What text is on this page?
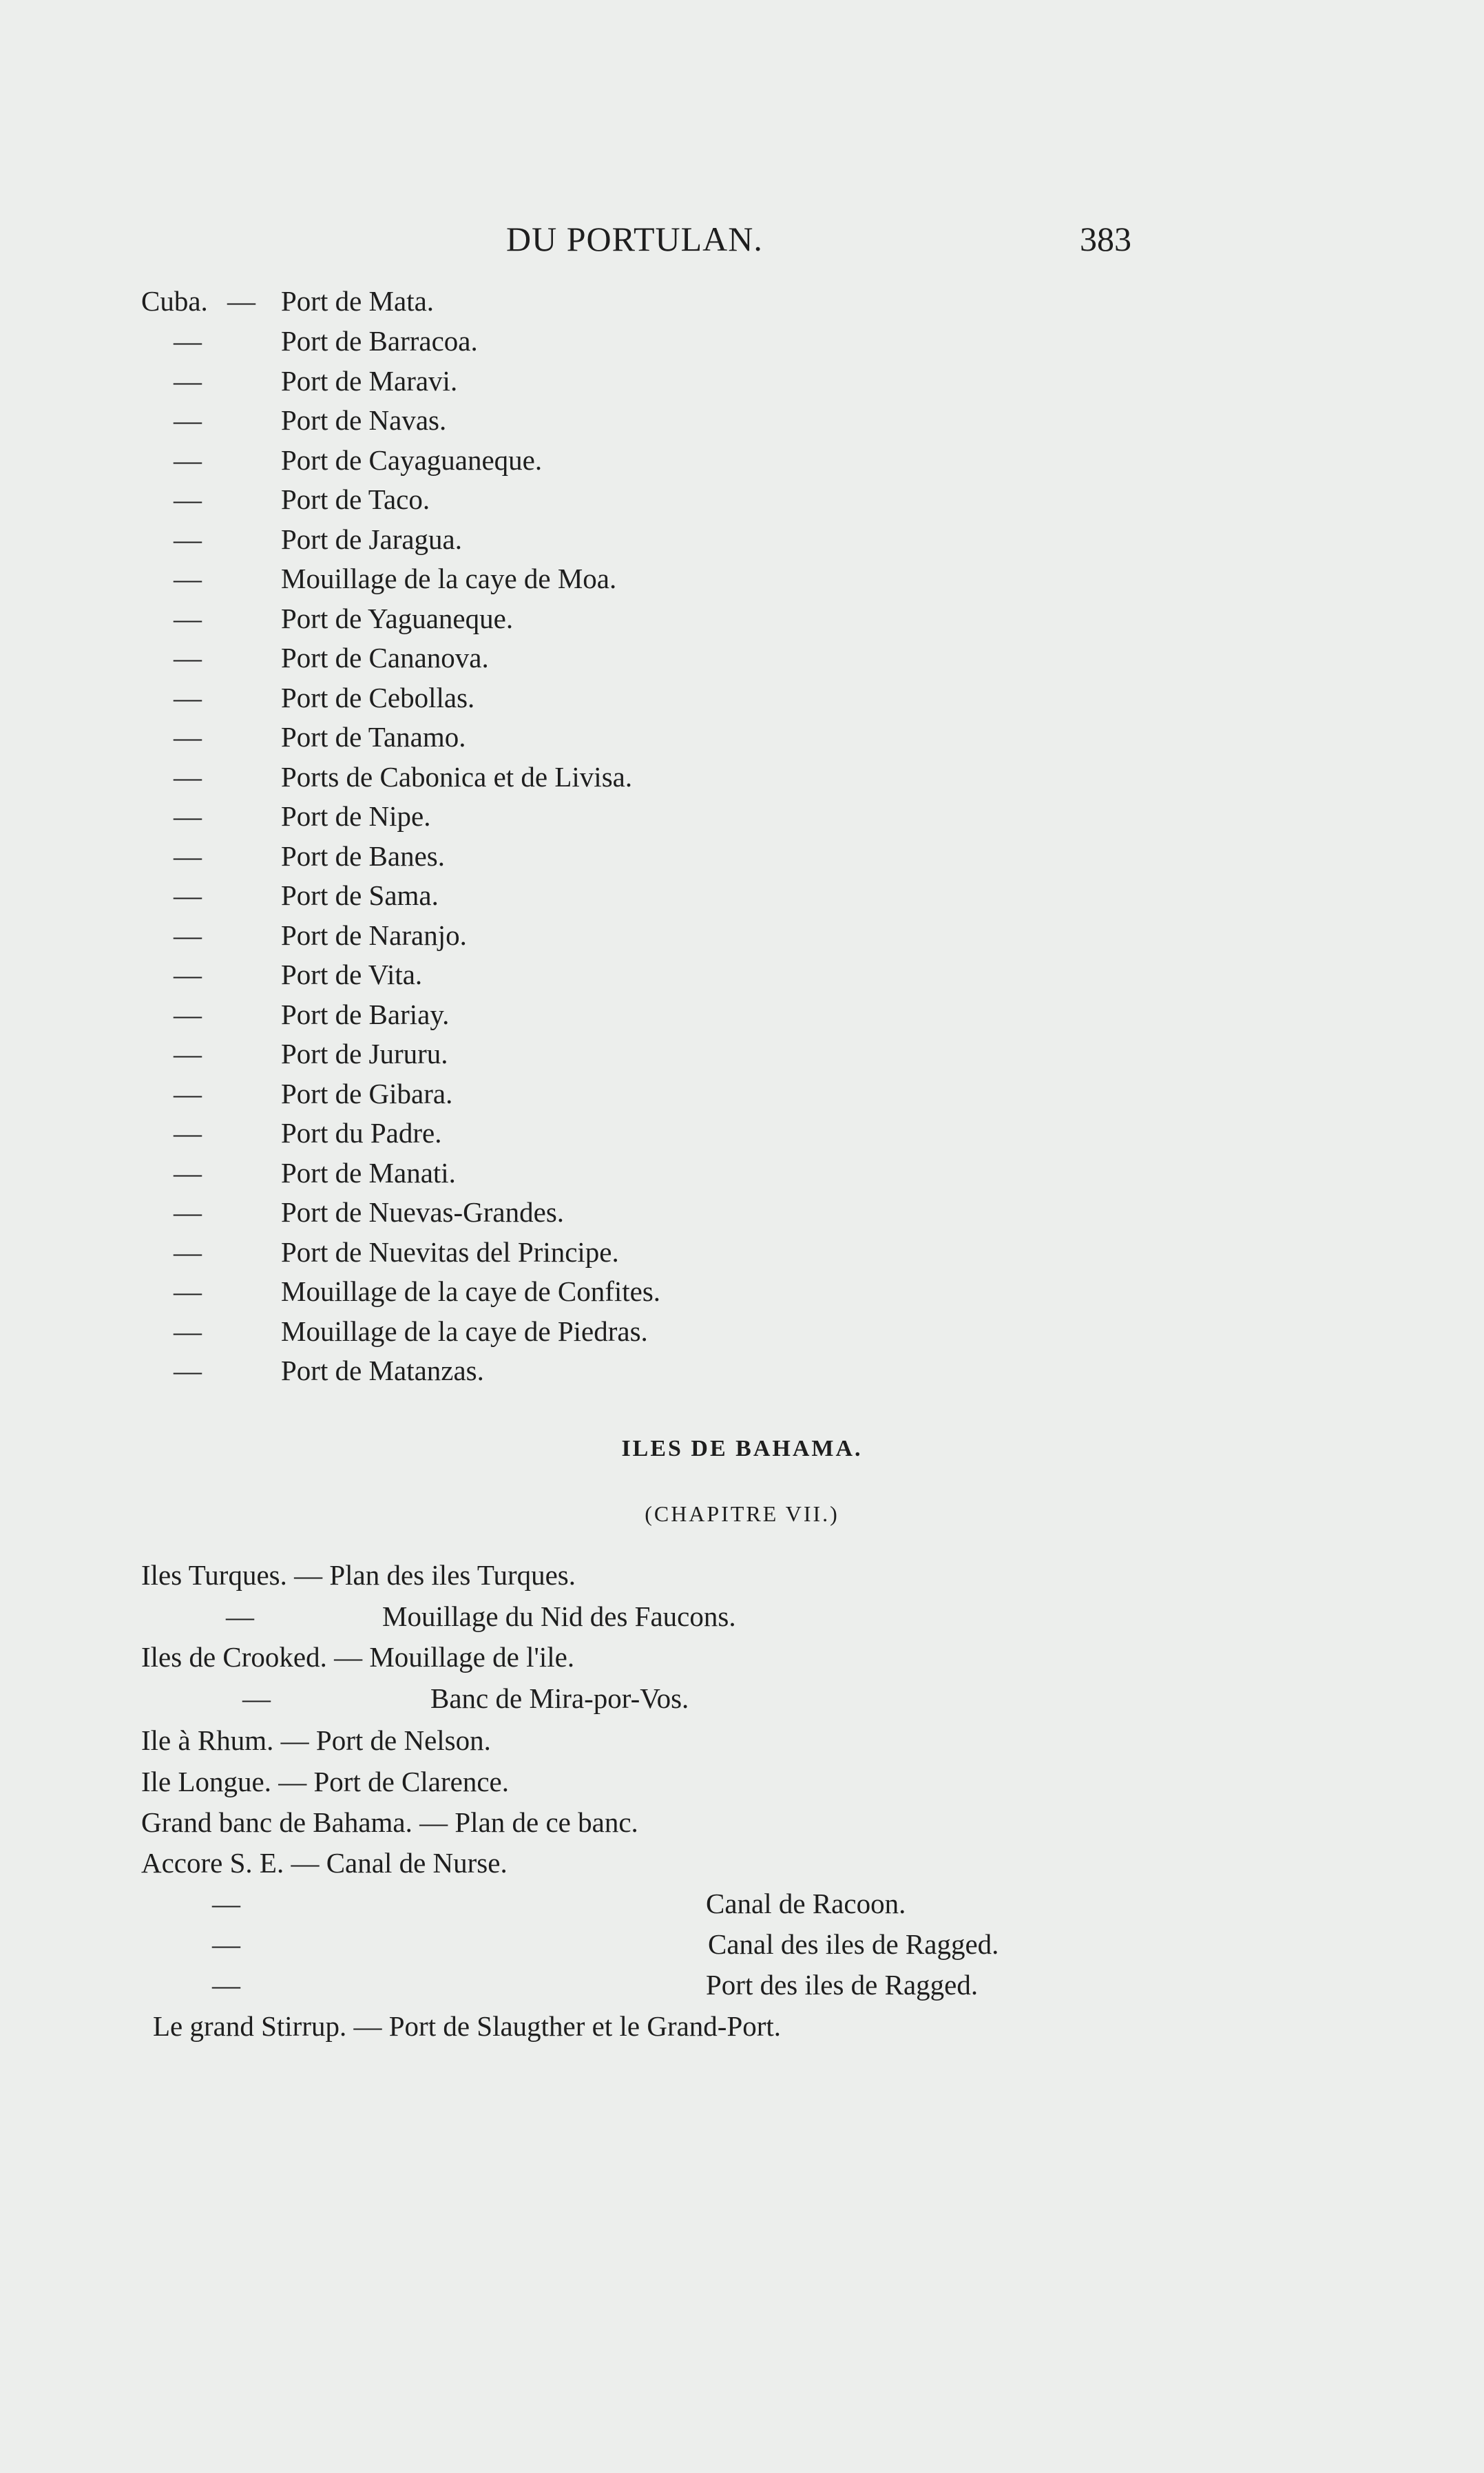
DU PORTULAN.	383
Cuba. — Port de Mata.
—	Port de Barracoa.
—	Port de Maravi.
—	Port de Navas.
—	Port de Cayaguaneque.
—	Port de Taco.
—	Port de Jaragua.
—	Mouillage de la caye de Moa.
—	Port de Yaguaneque.
—	Port de Cananova.
—	Port de Cebollas.
—	Port de Tanamo.
—	Ports de Cabonica et de Livisa.
—	Port de Nipe.
—	Port de Banes.
—	Port de Sama.
—	Port de Naranjo.
—	Port de Vita.
—	Port de Bariay.
—	Port de Jururu.
—	Port de Gibara.
—	Port du Padre.
—	Port de Manati.
—	Port de Nuevas-Grandes.
—	Port de Nuevitas del Principe.
—	Mouillage de la caye de Confites.
—	Mouillage de la caye de Piedras.
—	Port de Matanzas.
ILES DE BAHAMA.
(CHAPITRE VII.)
Iles Turques. — Plan des iles Turques.
—	Mouillage du Nid des Faucons.
Iles de Crooked. — Mouillage de l'ile.
—	Banc de Mira-por-Vos.
Ile à Rhum. — Port de Nelson.
Ile Longue. — Port de Clarence.
Grand banc de Bahama. — Plan de ce banc.
Accore S. E. — Canal de Nurse.
—	Canal de Racoon.
—	Canal des iles de Ragged.
—	Port des iles de Ragged.
Le grand Stirrup. — Port de Slaugther et le Grand-Port.
